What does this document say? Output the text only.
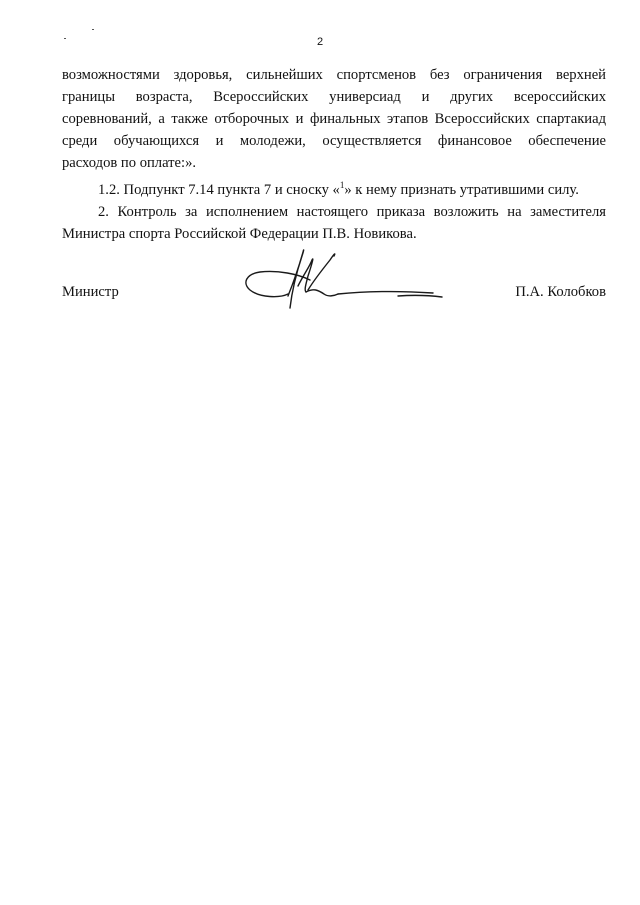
2

возможностями здоровья, сильнейших спортсменов без ограничения верхней
границы возраста, Всероссийских универсиад и других всероссийских
соревнований, а также отборочных и финальных этапов Всероссийских спартакиад
среди обучающихся и молодежи, осуществляется финансовое обеспечение
расходов по оплате:».

1.2. Подпункт 7.14 пункта 7 и сноску «$^1$» к нему признать утратившими силу.

2. Контроль за исполнением настоящего приказа возложить на заместителя
Министра спорта Российской Федерации П.В. Новикова.

Министр	П.А. Колобков
